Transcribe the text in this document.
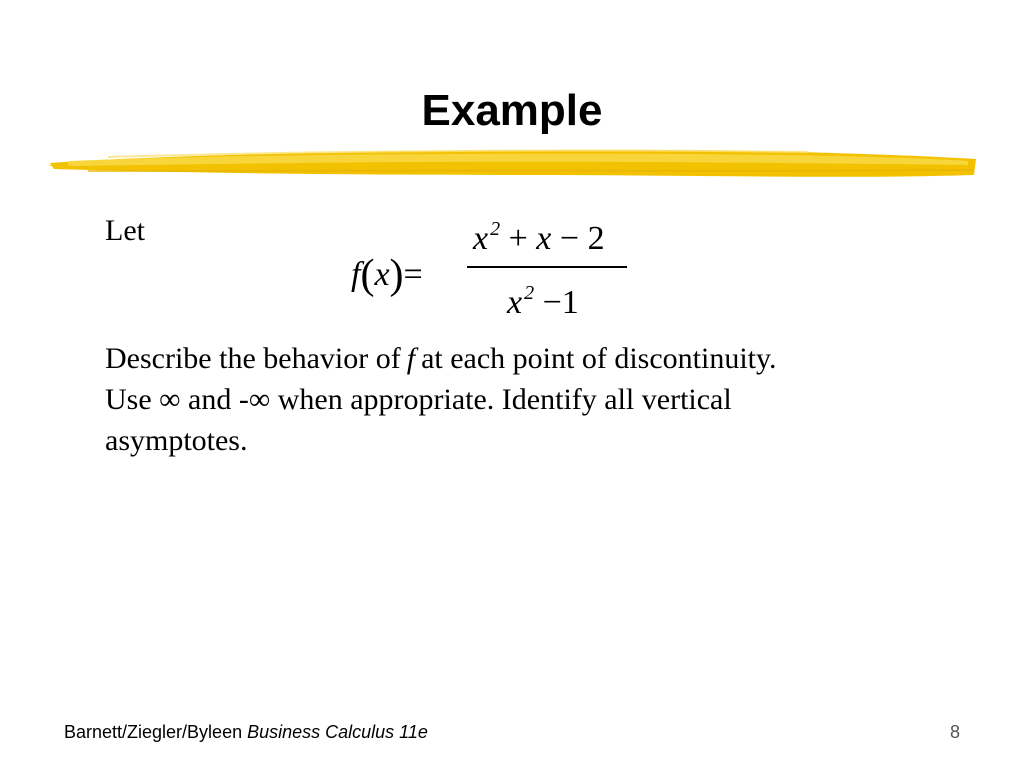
Example
Let
f(x)=
x $^2$ + x − 2
x $^2$ −1
Describe the behavior of f at each point of discontinuity.
Use ∞ and -∞ when appropriate. Identify all vertical
asymptotes.
Barnett/Ziegler/Byleen Business Calculus 11e	8
